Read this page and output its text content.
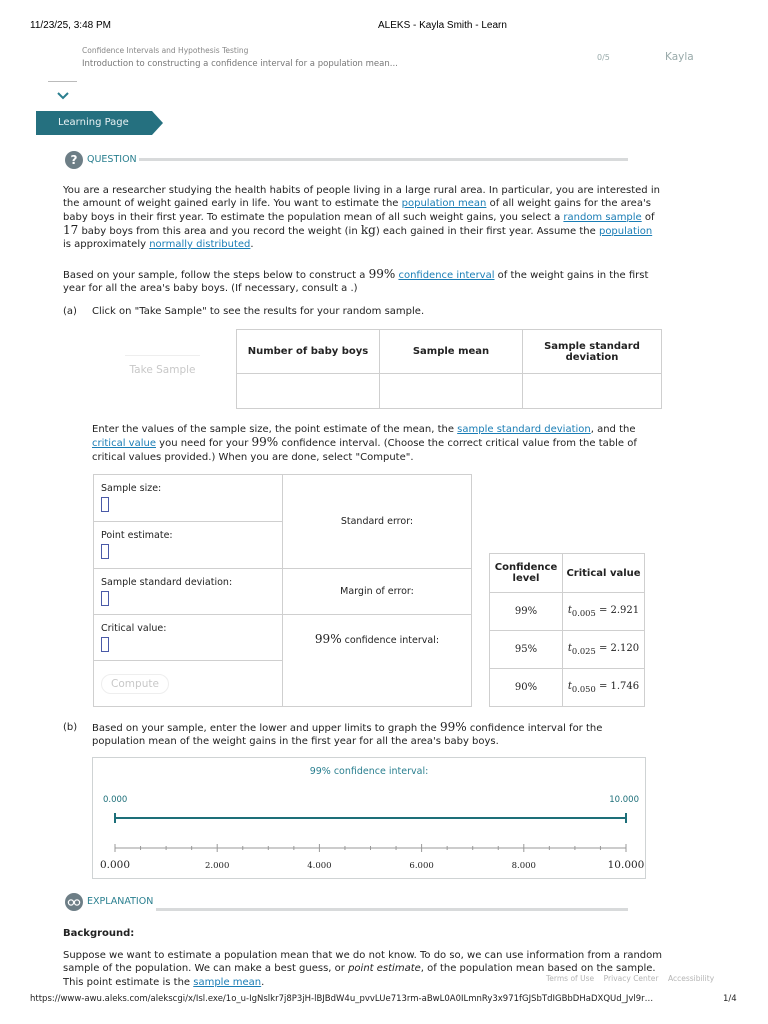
11/23/25, 3:48 PM	ALEKS - Kayla Smith - Learn
Confidence Intervals and Hypothesis Testing
Introduction to constructing a confidence interval for a population mean...
0/5	Kayla
Learning Page
? QUESTION
You are a researcher studying the health habits of people living in a large rural area. In particular, you are interested in the amount of weight gained early in life. You want to estimate the population mean of all weight gains for the area's baby boys in their first year. To estimate the population mean of all such weight gains, you select a random sample of 17 baby boys from this area and you record the weight (in kg) each gained in their first year. Assume the population is approximately normally distributed.
Based on your sample, follow the steps below to construct a 99% confidence interval of the weight gains in the first year for all the area's baby boys. (If necessary, consult a .)
(a) Click on "Take Sample" to see the results for your random sample.
Take Sample
Number of baby boys	Sample mean	Sample standard deviation

Enter the values of the sample size, the point estimate of the mean, the sample standard deviation, and the critical value you need for your 99% confidence interval. (Choose the correct critical value from the table of critical values provided.) When you are done, select "Compute".
Sample size:	Standard error:

Point estimate:	

Sample standard deviation:	Margin of error:

Critical value:	99% confidence interval:

Compute	
Confidence level	Critical value
99%	$t_{0.005} = 2.921$
95%	$t_{0.025} = 2.120$
90%	$t_{0.050} = 1.746$
(b) Based on your sample, enter the lower and upper limits to graph the 99% confidence interval for the population mean of the weight gains in the first year for all the area's baby boys.
99% confidence interval:
0.000	10.000
0.000	2.000	4.000	6.000	8.000	10.000
EXPLANATION
Background:
Suppose we want to estimate a population mean that we do not know. To do so, we can use information from a random sample of the population. We can make a best guess, or point estimate, of the population mean based on the sample. This point estimate is the sample mean.	Terms of Use Privacy Center Accessibility
https://www-awu.aleks.com/alekscgi/x/Isl.exe/1o_u-IgNslkr7j8P3jH-lBJBdW4u_pvvLUe713rm-aBwL0A0ILmnRy3x971fGJSbTdIGBbDHaDXQUd_Jvl9r…	1/4
